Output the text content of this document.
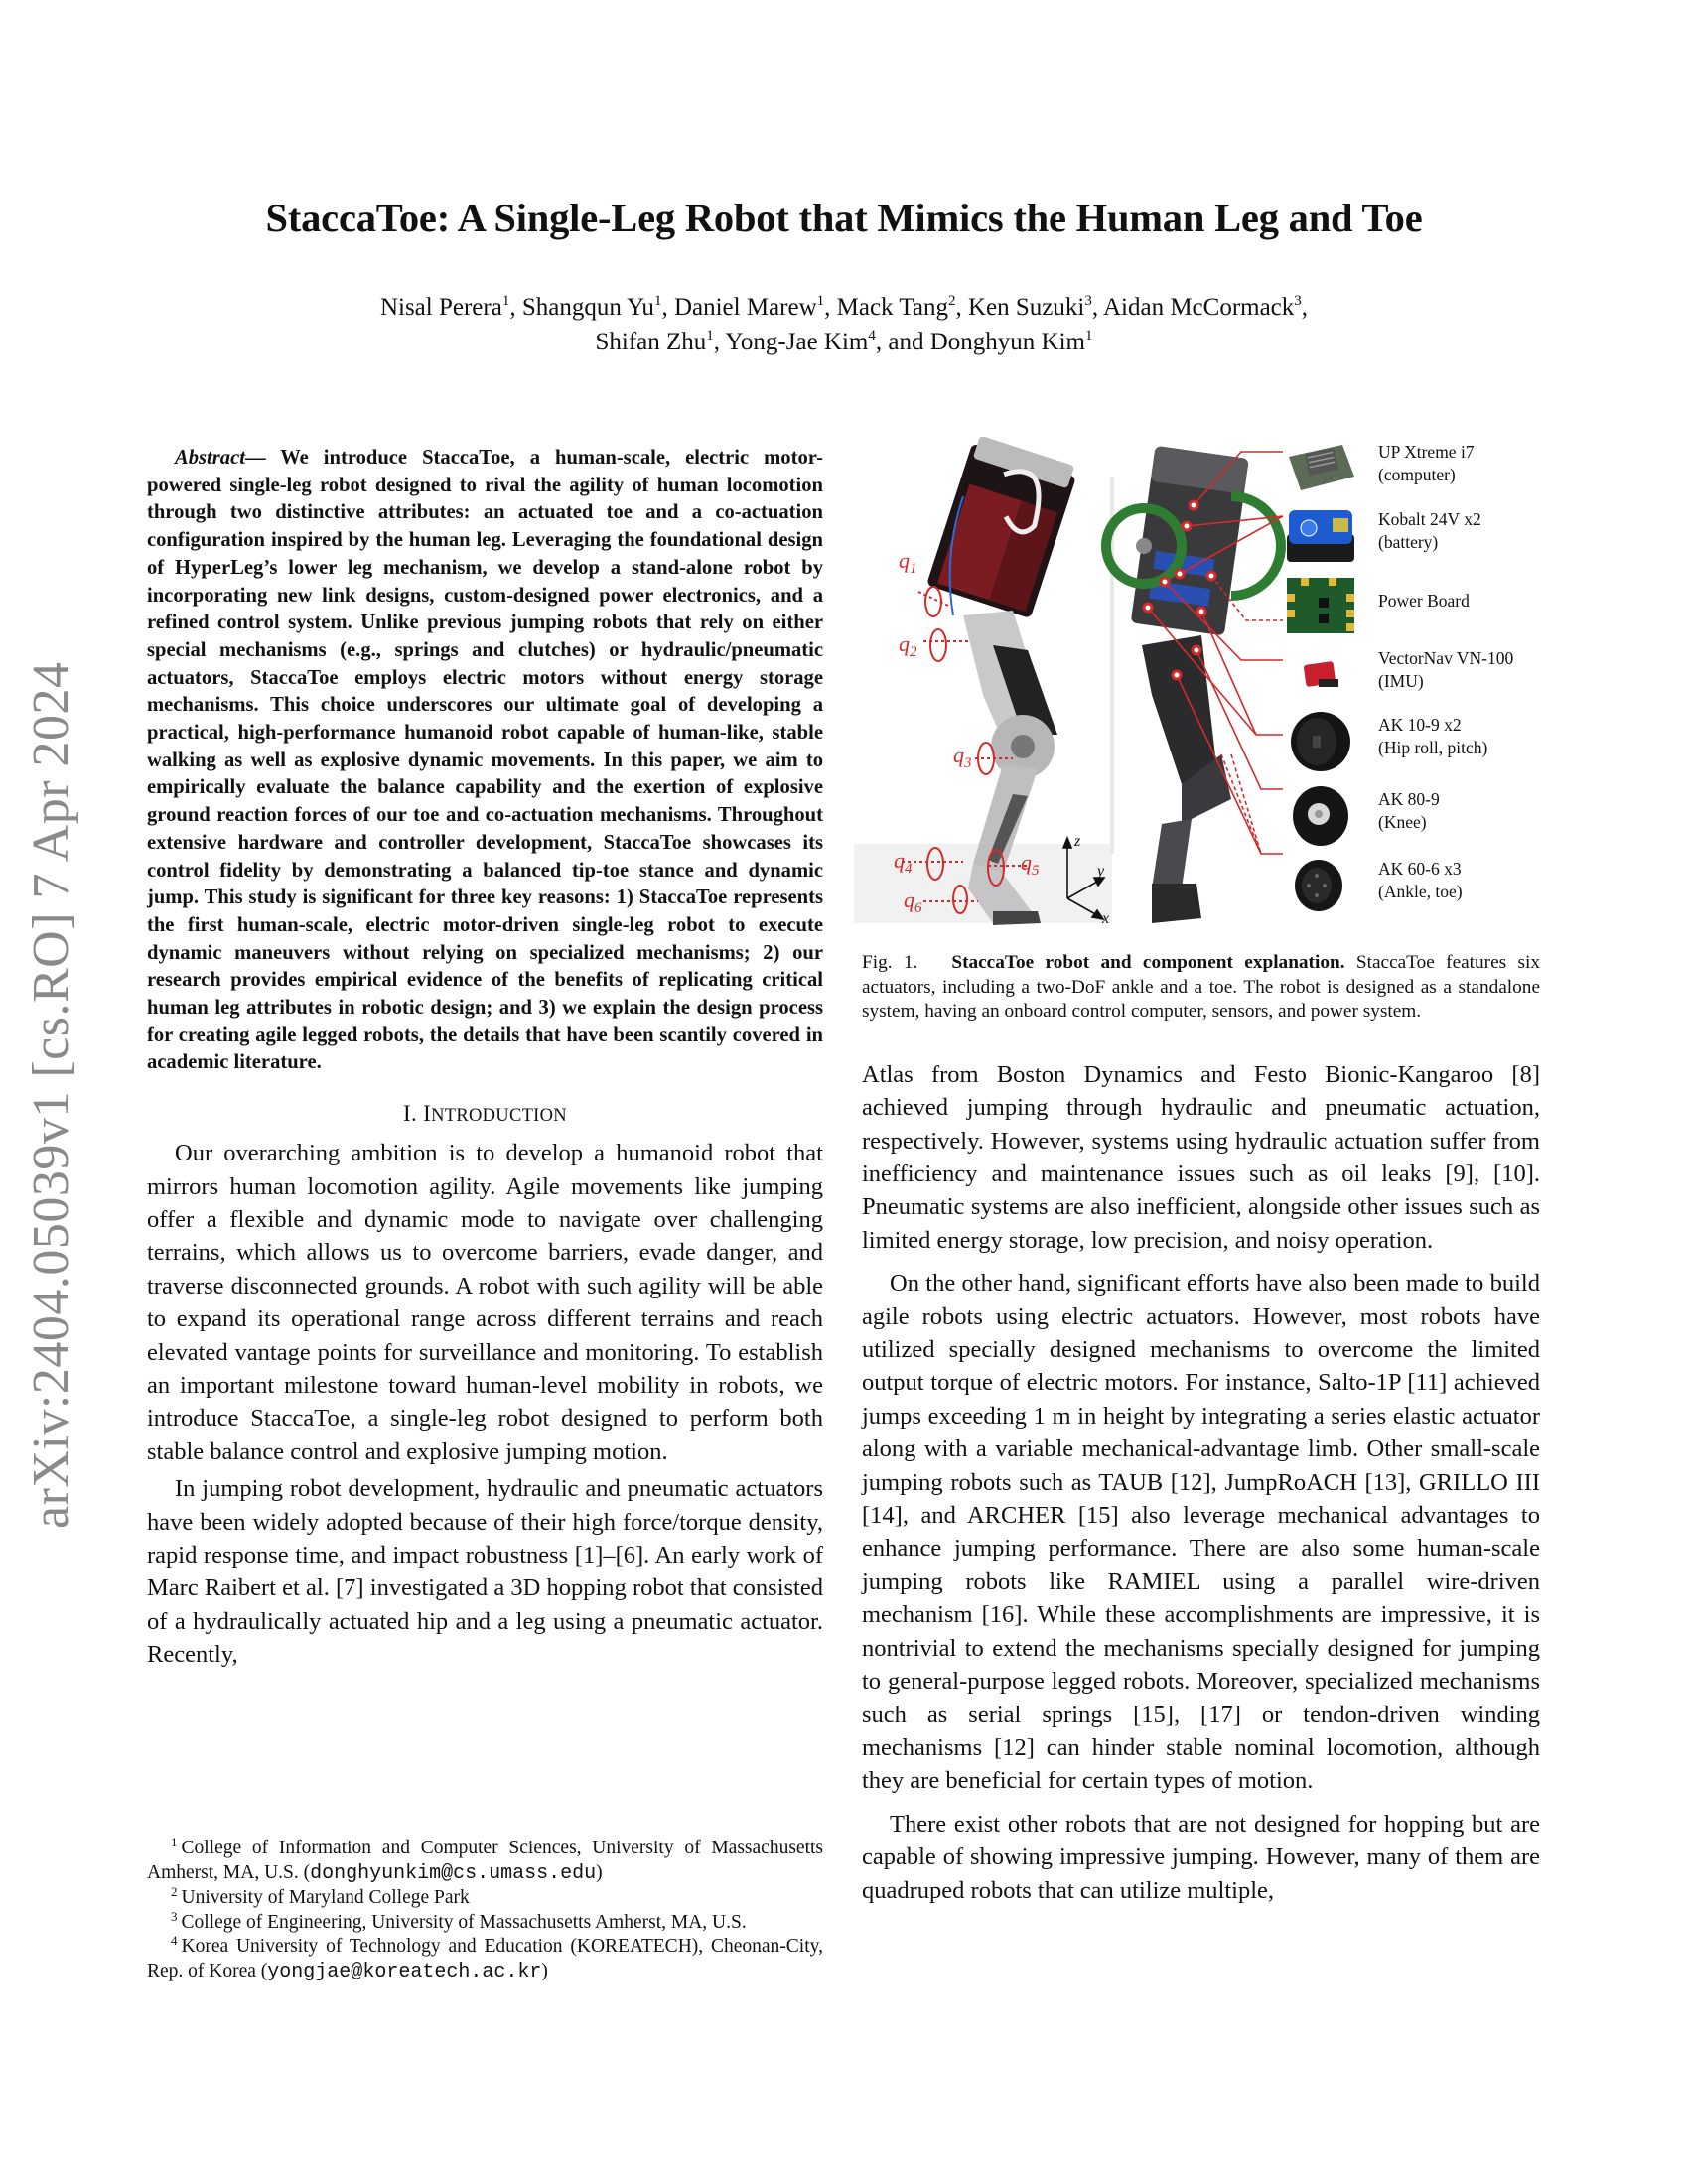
arXiv:2404.05039v1 [cs.RO] 7 Apr 2024
StaccaToe: A Single-Leg Robot that Mimics the Human Leg and Toe
Nisal Perera$^1$, Shangqun Yu$^1$, Daniel Marew$^1$, Mack Tang$^2$, Ken Suzuki$^3$, Aidan McCormack$^3$,
Shifan Zhu$^1$, Yong-Jae Kim$^4$, and Donghyun Kim$^1$

Abstract— We introduce StaccaToe, a human-scale, electric motor-powered single-leg robot designed to rival the agility of human locomotion through two distinctive attributes: an actuated toe and a co-actuation configuration inspired by the human leg. Leveraging the foundational design of HyperLeg’s lower leg mechanism, we develop a stand-alone robot by incorporating new link designs, custom-designed power electronics, and a refined control system. Unlike previous jumping robots that rely on either special mechanisms (e.g., springs and clutches) or hydraulic/pneumatic actuators, StaccaToe employs electric motors without energy storage mechanisms. This choice underscores our ultimate goal of developing a practical, high-performance humanoid robot capable of human-like, stable walking as well as explosive dynamic movements. In this paper, we aim to empirically evaluate the balance capability and the exertion of explosive ground reaction forces of our toe and co-actuation mechanisms. Throughout extensive hardware and controller development, StaccaToe showcases its control fidelity by demonstrating a balanced tip-toe stance and dynamic jump. This study is significant for three key reasons: 1) StaccaToe represents the first human-scale, electric motor-driven single-leg robot to execute dynamic maneuvers without relying on specialized mechanisms; 2) our research provides empirical evidence of the benefits of replicating critical human leg attributes in robotic design; and 3) we explain the design process for creating agile legged robots, the details that have been scantily covered in academic literature.

I. INTRODUCTION

Our overarching ambition is to develop a humanoid robot that mirrors human locomotion agility. Agile movements like jumping offer a flexible and dynamic mode to navigate over challenging terrains, which allows us to overcome barriers, evade danger, and traverse disconnected grounds. A robot with such agility will be able to expand its operational range across different terrains and reach elevated vantage points for surveillance and monitoring. To establish an important milestone toward human-level mobility in robots, we introduce StaccaToe, a single-leg robot designed to perform both stable balance control and explosive jumping motion.

In jumping robot development, hydraulic and pneumatic actuators have been widely adopted because of their high force/torque density, rapid response time, and impact robustness [1]–[6]. An early work of Marc Raibert et al. [7] investigated a 3D hopping robot that consisted of a hydraulically actuated hip and a leg using a pneumatic actuator. Recently,

$^1$ College of Information and Computer Sciences, University of Massachusetts Amherst, MA, U.S. (donghyunkim@cs.umass.edu)

$^2$ University of Maryland College Park

$^3$ College of Engineering, University of Massachusetts Amherst, MA, U.S.

$^4$ Korea University of Technology and Education (KOREATECH), Cheonan-City, Rep. of Korea (yongjae@koreatech.ac.kr)

$q_1$
$q_2$
$q_3$
$q_4$	$q_5$
$q_6$
z
y
x
UP Xtreme i7
(computer)
Kobalt 24V x2
(battery)
Power Board
VectorNav VN-100
(IMU)
AK 10-9 x2
(Hip roll, pitch)
AK 80-9
(Knee)
AK 60-6 x3
(Ankle, toe)

Fig. 1. StaccaToe robot and component explanation. StaccaToe features six actuators, including a two-DoF ankle and a toe. The robot is designed as a standalone system, having an onboard control computer, sensors, and power system.

Atlas from Boston Dynamics and Festo Bionic-Kangaroo [8] achieved jumping through hydraulic and pneumatic actuation, respectively. However, systems using hydraulic actuation suffer from inefficiency and maintenance issues such as oil leaks [9], [10]. Pneumatic systems are also inefficient, alongside other issues such as limited energy storage, low precision, and noisy operation.

On the other hand, significant efforts have also been made to build agile robots using electric actuators. However, most robots have utilized specially designed mechanisms to overcome the limited output torque of electric motors. For instance, Salto-1P [11] achieved jumps exceeding 1 m in height by integrating a series elastic actuator along with a variable mechanical-advantage limb. Other small-scale jumping robots such as TAUB [12], JumpRoACH [13], GRILLO III [14], and ARCHER [15] also leverage mechanical advantages to enhance jumping performance. There are also some human-scale jumping robots like RAMIEL using a parallel wire-driven mechanism [16]. While these accomplishments are impressive, it is nontrivial to extend the mechanisms specially designed for jumping to general-purpose legged robots. Moreover, specialized mechanisms such as serial springs [15], [17] or tendon-driven winding mechanisms [12] can hinder stable nominal locomotion, although they are beneficial for certain types of motion.

There exist other robots that are not designed for hopping but are capable of showing impressive jumping. However, many of them are quadruped robots that can utilize multiple,
